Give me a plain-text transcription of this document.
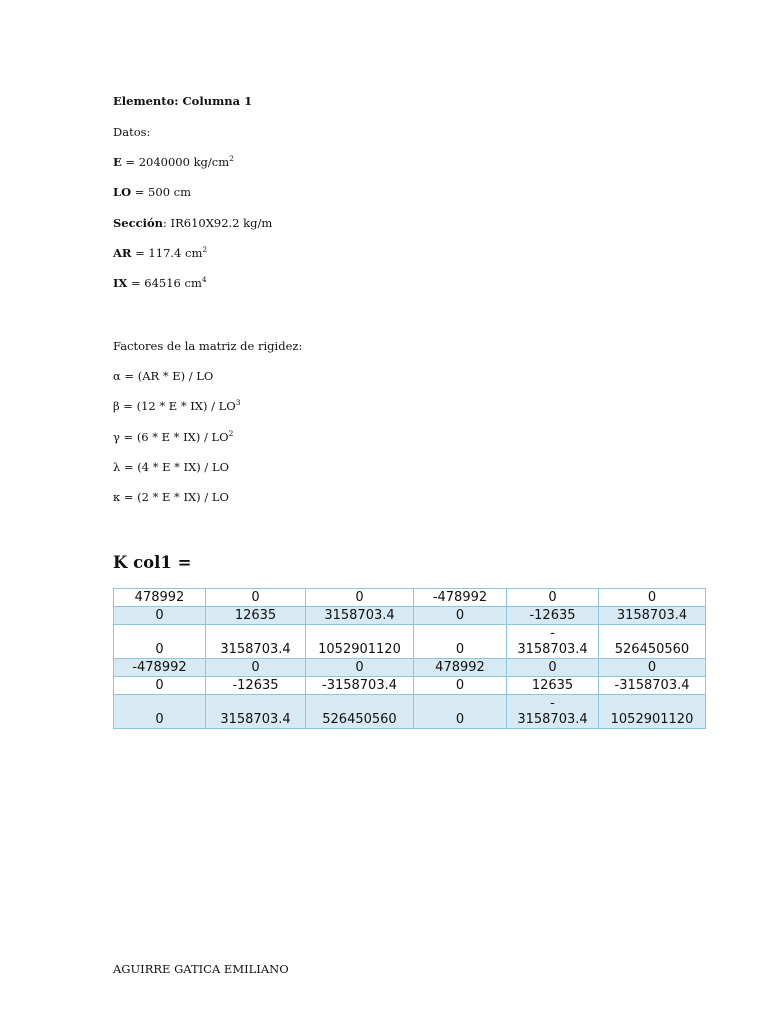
Elemento: Columna 1
Datos:
E = 2040000 $kg/cm^2$
LO = 500 cm
Sección: IR610X92.2 kg/m
AR = 117.4 $cm^2$
IX = 64516 $cm^4$
Factores de la matriz de rigidez:
α = (AR * E) / LO
$\beta = (12 * E * IX) / LO^3$
$\gamma = (6 * E * IX) / LO^2$
λ = (4 * E * IX) / LO
κ = (2 * E * IX) / LO
K col1 =
478992	0	0	-478992	0	0

0	12635	3158703.4	0	-12635	3158703.4

0	3158703.4	1052901120	0	-
3158703.4	526450560

-478992	0	0	478992	0	0

0	-12635	-3158703.4	0	12635	-3158703.4

0	3158703.4	526450560	0	-
3158703.4	1052901120
AGUIRRE GATICA EMILIANO
